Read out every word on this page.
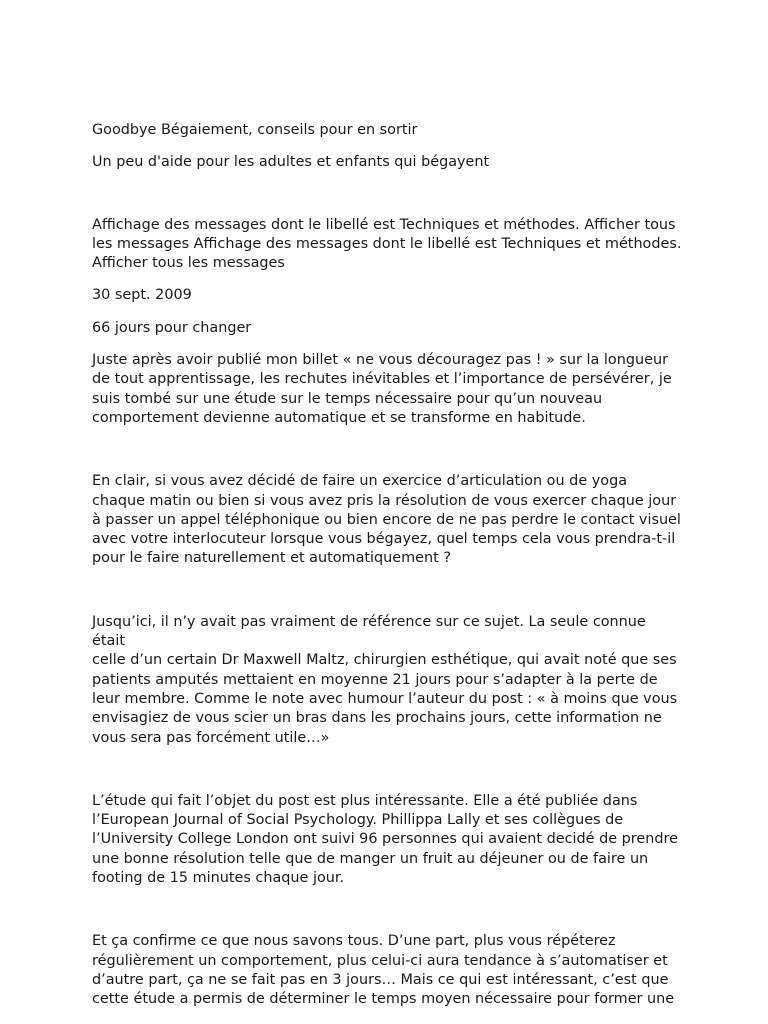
Goodbye Bégaiement, conseils pour en sortir

Un peu d'aide pour les adultes et enfants qui bégayent

Affichage des messages dont le libellé est Techniques et méthodes. Afficher tous
les messages Affichage des messages dont le libellé est Techniques et méthodes.
Afficher tous les messages

30 sept. 2009

66 jours pour changer

Juste après avoir publié mon billet « ne vous découragez pas ! » sur la longueur
de tout apprentissage, les rechutes inévitables et l’importance de persévérer, je
suis tombé sur une étude sur le temps nécessaire pour qu’un nouveau
comportement devienne automatique et se transforme en habitude.

En clair, si vous avez décidé de faire un exercice d’articulation ou de yoga
chaque matin ou bien si vous avez pris la résolution de vous exercer chaque jour
à passer un appel téléphonique ou bien encore de ne pas perdre le contact visuel
avec votre interlocuteur lorsque vous bégayez, quel temps cela vous prendra-t-il
pour le faire naturellement et automatiquement ?

Jusqu’ici, il n’y avait pas vraiment de référence sur ce sujet. La seule connue était
celle d’un certain Dr Maxwell Maltz, chirurgien esthétique, qui avait noté que ses
patients amputés mettaient en moyenne 21 jours pour s’adapter à la perte de
leur membre. Comme le note avec humour l’auteur du post : « à moins que vous
envisagiez de vous scier un bras dans les prochains jours, cette information ne
vous sera pas forcément utile…»

L’étude qui fait l’objet du post est plus intéressante. Elle a été publiée dans
l’European Journal of Social Psychology. Phillippa Lally et ses collègues de
l’University College London ont suivi 96 personnes qui avaient decidé de prendre
une bonne résolution telle que de manger un fruit au déjeuner ou de faire un
footing de 15 minutes chaque jour.

Et ça confirme ce que nous savons tous. D’une part, plus vous répéterez
régulièrement un comportement, plus celui-ci aura tendance à s’automatiser et
d’autre part, ça ne se fait pas en 3 jours… Mais ce qui est intéressant, c’est que
cette étude a permis de déterminer le temps moyen nécessaire pour former une
